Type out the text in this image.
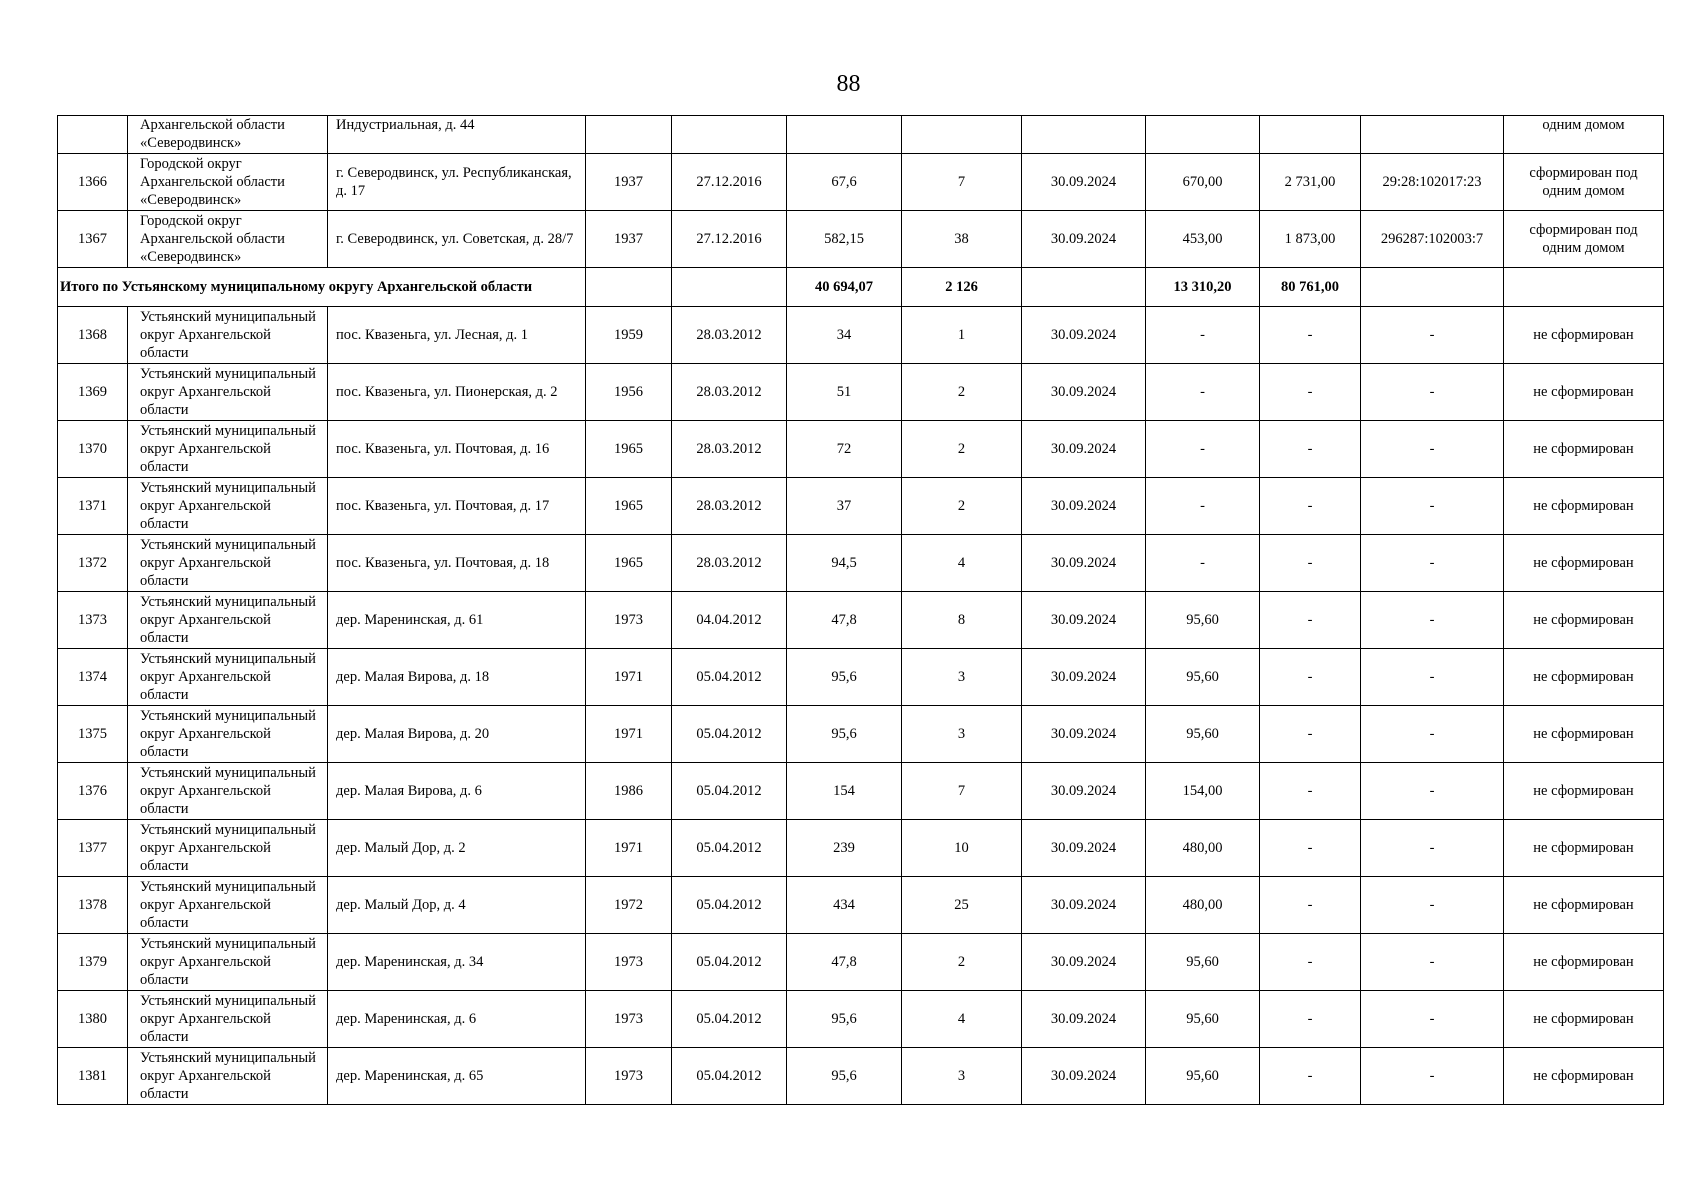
88
	Архангельской области «Северодвинск»	Индустриальная, д. 44									одним домом
1366	Городской округ Архангельской области «Северодвинск»	г. Северодвинск, ул. Республиканская, д. 17	1937	27.12.2016	67,6	7	30.09.2024	670,00	2 731,00	29:28:102017:23	сформирован под одним домом
1367	Городской округ Архангельской области «Северодвинск»	г. Северодвинск, ул. Советская, д. 28/7	1937	27.12.2016	582,15	38	30.09.2024	453,00	1 873,00	296287:102003:7	сформирован под одним домом
Итого по Устьянскому муниципальному округу Архангельской области					40 694,07	2 126		13 310,20	80 761,00		
1368	Устьянский муниципальный округ Архангельской области	пос. Квазеньга, ул. Лесная, д. 1	1959	28.03.2012	34	1	30.09.2024	-	-	-	не сформирован
1369	Устьянский муниципальный округ Архангельской области	пос. Квазеньга, ул. Пионерская, д. 2	1956	28.03.2012	51	2	30.09.2024	-	-	-	не сформирован
1370	Устьянский муниципальный округ Архангельской области	пос. Квазеньга, ул. Почтовая, д. 16	1965	28.03.2012	72	2	30.09.2024	-	-	-	не сформирован
1371	Устьянский муниципальный округ Архангельской области	пос. Квазеньга, ул. Почтовая, д. 17	1965	28.03.2012	37	2	30.09.2024	-	-	-	не сформирован
1372	Устьянский муниципальный округ Архангельской области	пос. Квазеньга, ул. Почтовая, д. 18	1965	28.03.2012	94,5	4	30.09.2024	-	-	-	не сформирован
1373	Устьянский муниципальный округ Архангельской области	дер. Маренинская, д. 61	1973	04.04.2012	47,8	8	30.09.2024	95,60	-	-	не сформирован
1374	Устьянский муниципальный округ Архангельской области	дер. Малая Вирова, д. 18	1971	05.04.2012	95,6	3	30.09.2024	95,60	-	-	не сформирован
1375	Устьянский муниципальный округ Архангельской области	дер. Малая Вирова, д. 20	1971	05.04.2012	95,6	3	30.09.2024	95,60	-	-	не сформирован
1376	Устьянский муниципальный округ Архангельской области	дер. Малая Вирова, д. 6	1986	05.04.2012	154	7	30.09.2024	154,00	-	-	не сформирован
1377	Устьянский муниципальный округ Архангельской области	дер. Малый Дор, д. 2	1971	05.04.2012	239	10	30.09.2024	480,00	-	-	не сформирован
1378	Устьянский муниципальный округ Архангельской области	дер. Малый Дор, д. 4	1972	05.04.2012	434	25	30.09.2024	480,00	-	-	не сформирован
1379	Устьянский муниципальный округ Архангельской области	дер. Маренинская, д. 34	1973	05.04.2012	47,8	2	30.09.2024	95,60	-	-	не сформирован
1380	Устьянский муниципальный округ Архангельской области	дер. Маренинская, д. 6	1973	05.04.2012	95,6	4	30.09.2024	95,60	-	-	не сформирован
1381	Устьянский муниципальный округ Архангельской области	дер. Маренинская, д. 65	1973	05.04.2012	95,6	3	30.09.2024	95,60	-	-	не сформирован
